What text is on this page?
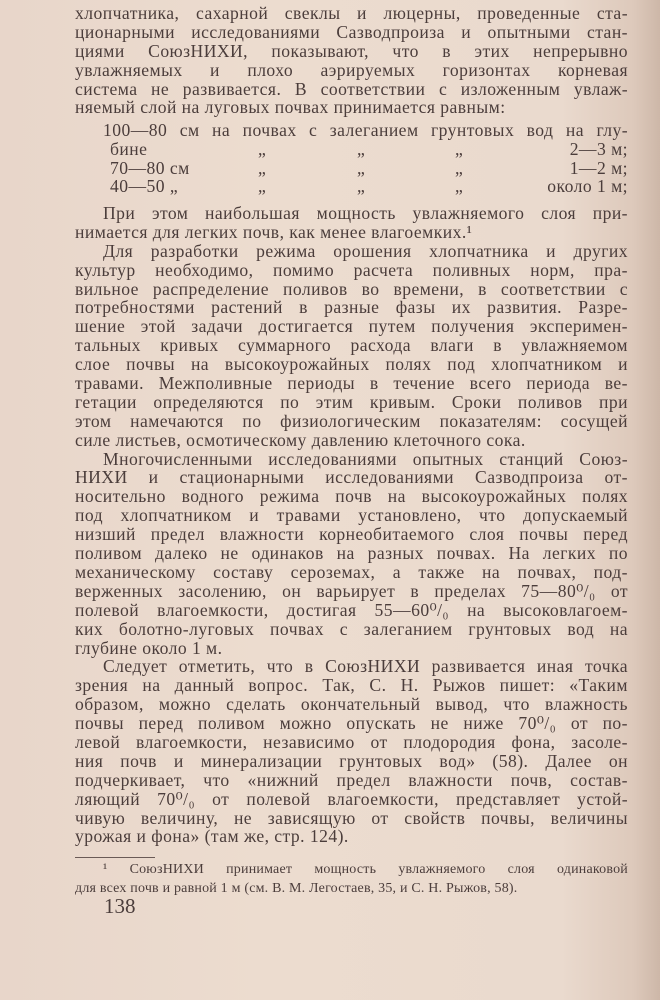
хлопчатника, сахарной свеклы и люцерны, проведенные ста-
ционарными исследованиями Сазводпроиза и опытными стан-
циями СоюзНИХИ, показывают, что в этих непрерывно
увлажняемых и плохо аэрируемых горизонтах корневая
система не развивается. В соответствии с изложенным увлаж-
няемый слой на луговых почвах принимается равным:
100—80 см на почвах с залеганием грунтовых вод на глу-
бине	„	„	„	2—3 м;
70—80 см	„	„	„	1—2 м;
40—50 „	„	„	„	около 1 м;
При этом наибольшая мощность увлажняемого слоя при-
нимается для легких почв, как менее влагоемких.¹
Для разработки режима орошения хлопчатника и других
культур необходимо, помимо расчета поливных норм, пра-
вильное распределение поливов во времени, в соответствии с
потребностями растений в разные фазы их развития. Разре-
шение этой задачи достигается путем получения эксперимен-
тальных кривых суммарного расхода влаги в увлажняемом
слое почвы на высокоурожайных полях под хлопчатником и
травами. Межполивные периоды в течение всего периода ве-
гетации определяются по этим кривым. Сроки поливов при
этом намечаются по физиологическим показателям: сосущей
силе листьев, осмотическому давлению клеточного сока.
Многочисленными исследованиями опытных станций Союз-
НИХИ и стационарными исследованиями Сазводпроиза от-
носительно водного режима почв на высокоурожайных полях
под хлопчатником и травами установлено, что допускаемый
низший предел влажности корнеобитаемого слоя почвы перед
поливом далеко не одинаков на разных почвах. На легких по
механическому составу сероземах, а также на почвах, под-
верженных засолению, он варьирует в пределах 75—80⁰/₀ от
полевой влагоемкости, достигая 55—60⁰/₀ на высоковлагоем-
ких болотно-луговых почвах с залеганием грунтовых вод на
глубине около 1 м.
Следует отметить, что в СоюзНИХИ развивается иная точка
зрения на данный вопрос. Так, С. Н. Рыжов пишет: «Таким
образом, можно сделать окончательный вывод, что влажность
почвы перед поливом можно опускать не ниже 70⁰/₀ от по-
левой влагоемкости, независимо от плодородия фона, засоле-
ния почв и минерализации грунтовых вод» (58). Далее он
подчеркивает, что «нижний предел влажности почв, состав-
ляющий 70⁰/₀ от полевой влагоемкости, представляет устой-
чивую величину, не зависящую от свойств почвы, величины
урожая и фона» (там же, стр. 124).
¹ СоюзНИХИ принимает мощность увлажняемого слоя одинаковой
для всех почв и равной 1 м (см. В. М. Легостаев, 35, и С. Н. Рыжов, 58).
138
